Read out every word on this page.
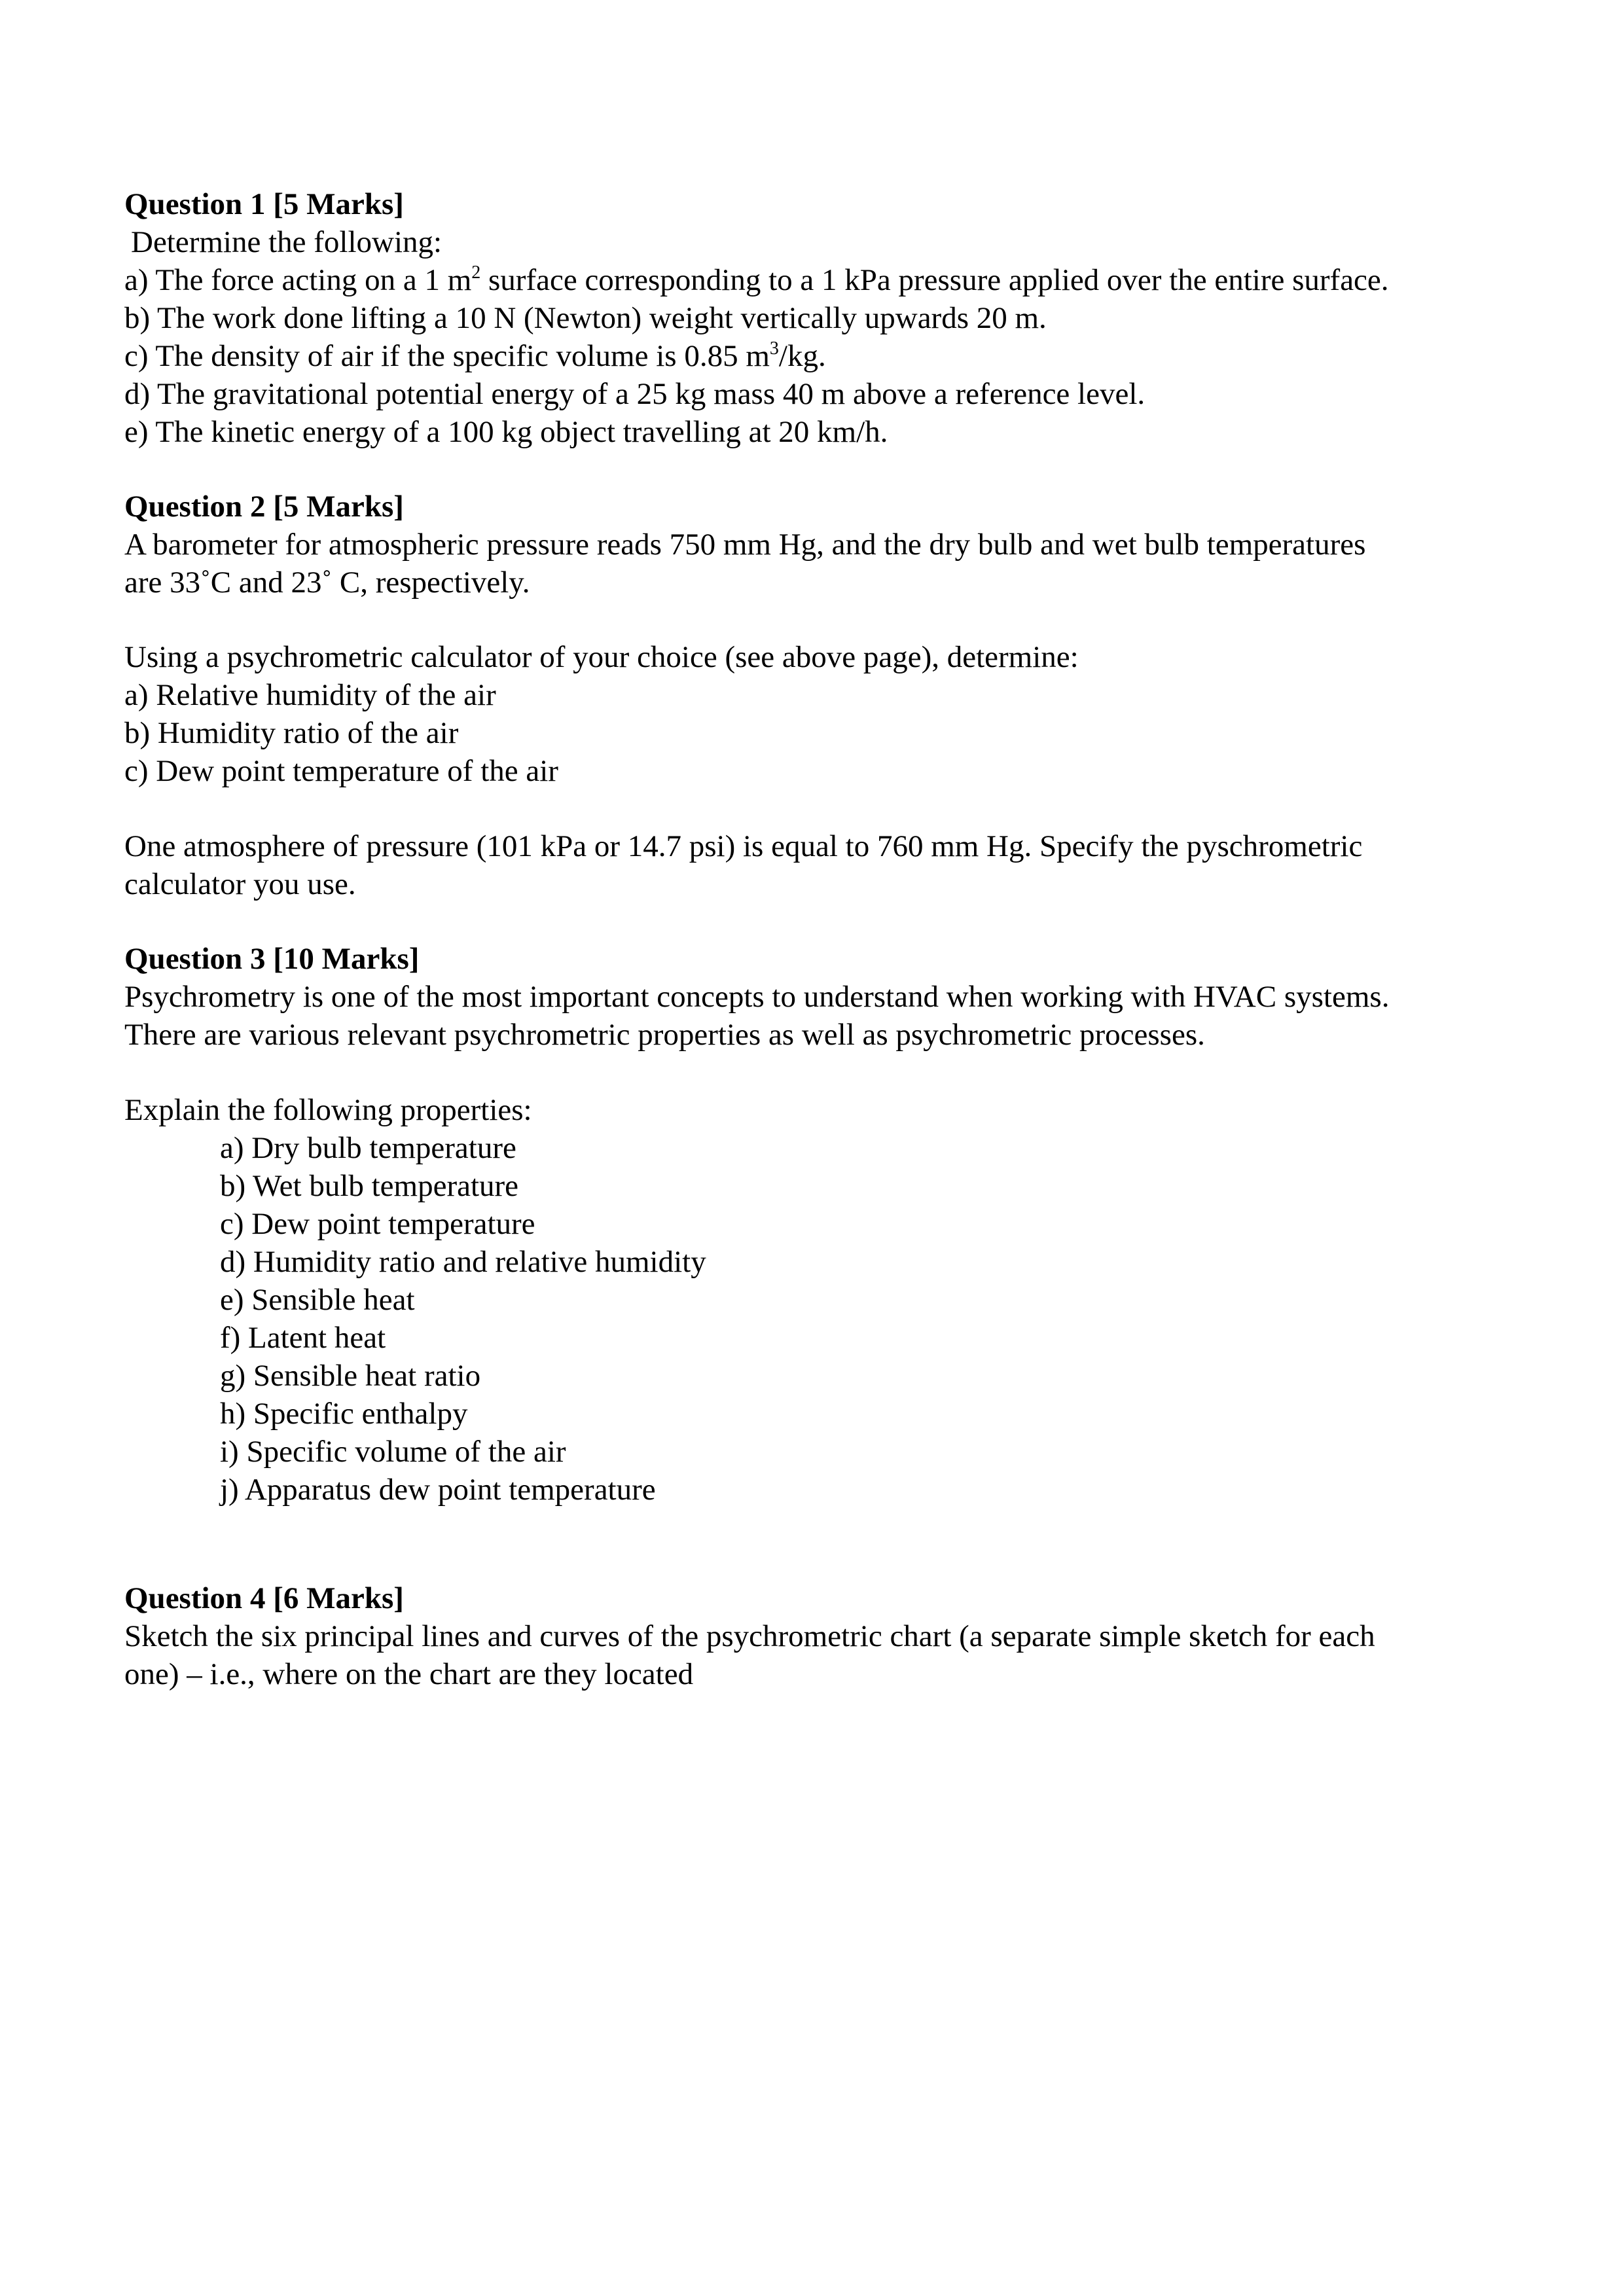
Question 1 [5 Marks]
Determine the following:
a) The force acting on a 1 $m^2$ surface corresponding to a 1 kPa pressure applied over the entire surface.
b) The work done lifting a 10 N (Newton) weight vertically upwards 20 m.
c) The density of air if the specific volume is 0.85 $m^3/kg$.
d) The gravitational potential energy of a 25 kg mass 40 m above a reference level.
e) The kinetic energy of a 100 kg object travelling at 20 km/h.
Question 2 [5 Marks]
A barometer for atmospheric pressure reads 750 mm Hg, and the dry bulb and wet bulb temperatures
are 33˚C and 23˚ C, respectively.
Using a psychrometric calculator of your choice (see above page), determine:
a) Relative humidity of the air
b) Humidity ratio of the air
c) Dew point temperature of the air
One atmosphere of pressure (101 kPa or 14.7 psi) is equal to 760 mm Hg. Specify the pyschrometric
calculator you use.
Question 3 [10 Marks]
Psychrometry is one of the most important concepts to understand when working with HVAC systems.
There are various relevant psychrometric properties as well as psychrometric processes.
Explain the following properties:
a) Dry bulb temperature
b) Wet bulb temperature
c) Dew point temperature
d) Humidity ratio and relative humidity
e) Sensible heat
f) Latent heat
g) Sensible heat ratio
h) Specific enthalpy
i) Specific volume of the air
j) Apparatus dew point temperature
Question 4 [6 Marks]
Sketch the six principal lines and curves of the psychrometric chart (a separate simple sketch for each
one) – i.e., where on the chart are they located
